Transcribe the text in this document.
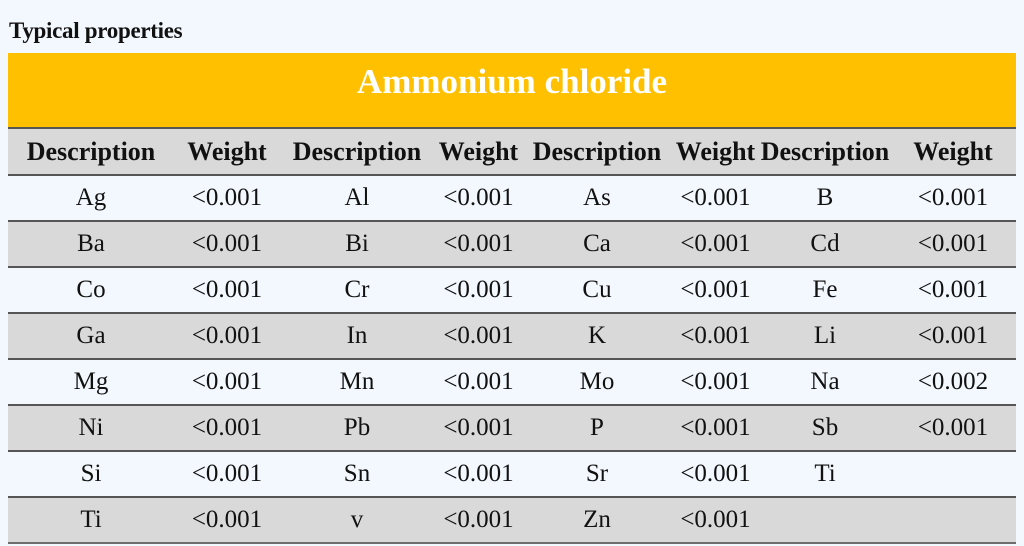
Typical properties
Ammonium chloride
Description	Weight	Description	Weight	Description	Weight	Description	Weight
Ag	<0.001	Al	<0.001	As	<0.001	B	<0.001
Ba	<0.001	Bi	<0.001	Ca	<0.001	Cd	<0.001
Co	<0.001	Cr	<0.001	Cu	<0.001	Fe	<0.001
Ga	<0.001	In	<0.001	K	<0.001	Li	<0.001
Mg	<0.001	Mn	<0.001	Mo	<0.001	Na	<0.002
Ni	<0.001	Pb	<0.001	P	<0.001	Sb	<0.001
Si	<0.001	Sn	<0.001	Sr	<0.001	Ti	
Ti	<0.001	v	<0.001	Zn	<0.001		
